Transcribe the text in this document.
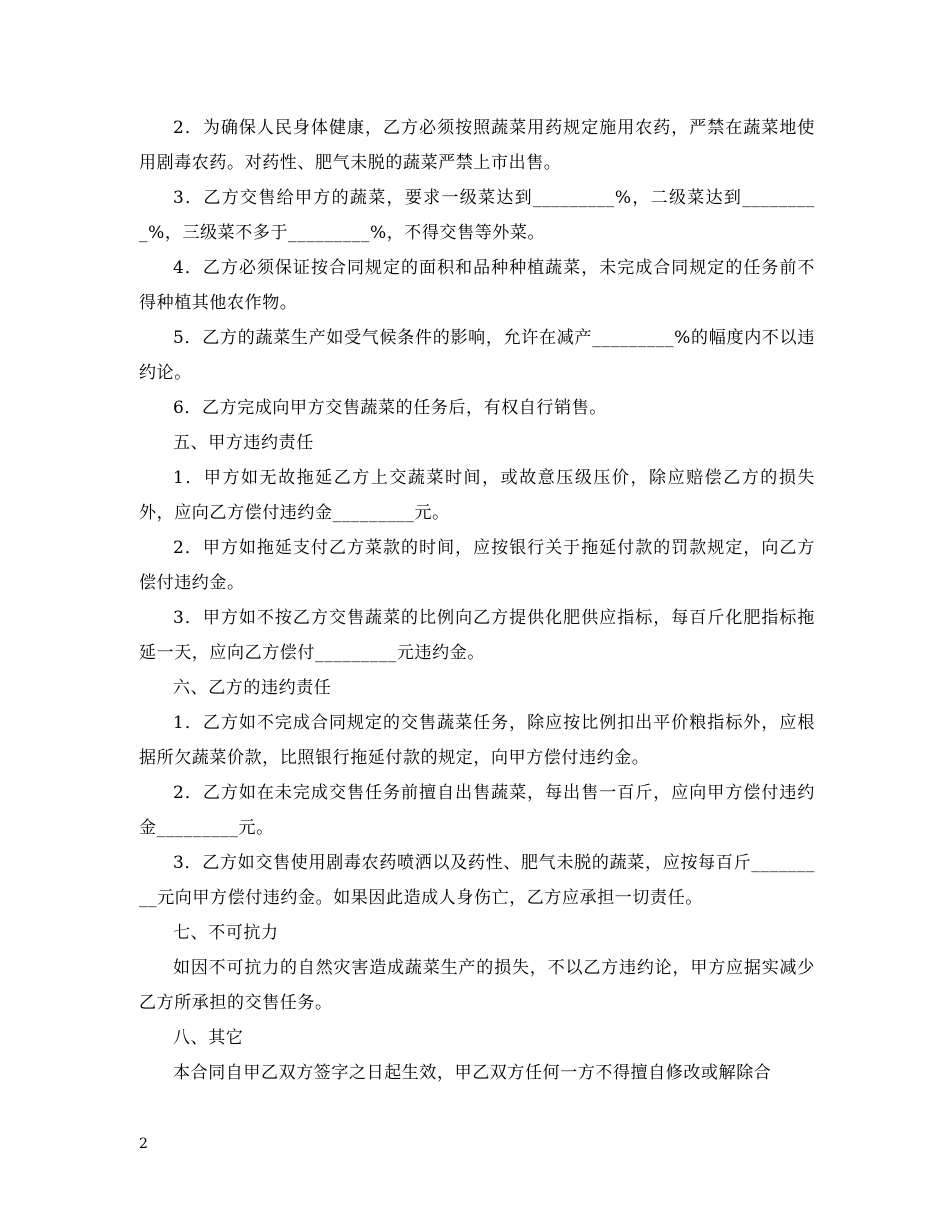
2．为确保人民身体健康，乙方必须按照蔬菜用药规定施用农药，严禁在蔬菜地使用剧毒农药。对药性、肥气未脱的蔬菜严禁上市出售。

3．乙方交售给甲方的蔬菜，要求一级菜达到_________%，二级菜达到_________%，三级菜不多于_________%，不得交售等外菜。

4．乙方必须保证按合同规定的面积和品种种植蔬菜，未完成合同规定的任务前不得种植其他农作物。

5．乙方的蔬菜生产如受气候条件的影响，允许在减产_________%的幅度内不以违约论。

6．乙方完成向甲方交售蔬菜的任务后，有权自行销售。

五、甲方违约责任

1．甲方如无故拖延乙方上交蔬菜时间，或故意压级压价，除应赔偿乙方的损失外，应向乙方偿付违约金_________元。

2．甲方如拖延支付乙方菜款的时间，应按银行关于拖延付款的罚款规定，向乙方偿付违约金。

3．甲方如不按乙方交售蔬菜的比例向乙方提供化肥供应指标，每百斤化肥指标拖延一天，应向乙方偿付_________元违约金。

六、乙方的违约责任

1．乙方如不完成合同规定的交售蔬菜任务，除应按比例扣出平价粮指标外，应根据所欠蔬菜价款，比照银行拖延付款的规定，向甲方偿付违约金。

2．乙方如在未完成交售任务前擅自出售蔬菜，每出售一百斤，应向甲方偿付违约金_________元。

3．乙方如交售使用剧毒农药喷洒以及药性、肥气未脱的蔬菜，应按每百斤_________元向甲方偿付违约金。如果因此造成人身伤亡，乙方应承担一切责任。

七、不可抗力

如因不可抗力的自然灾害造成蔬菜生产的损失，不以乙方违约论，甲方应据实减少乙方所承担的交售任务。

八、其它

本合同自甲乙双方签字之日起生效，甲乙双方任何一方不得擅自修改或解除合

2
